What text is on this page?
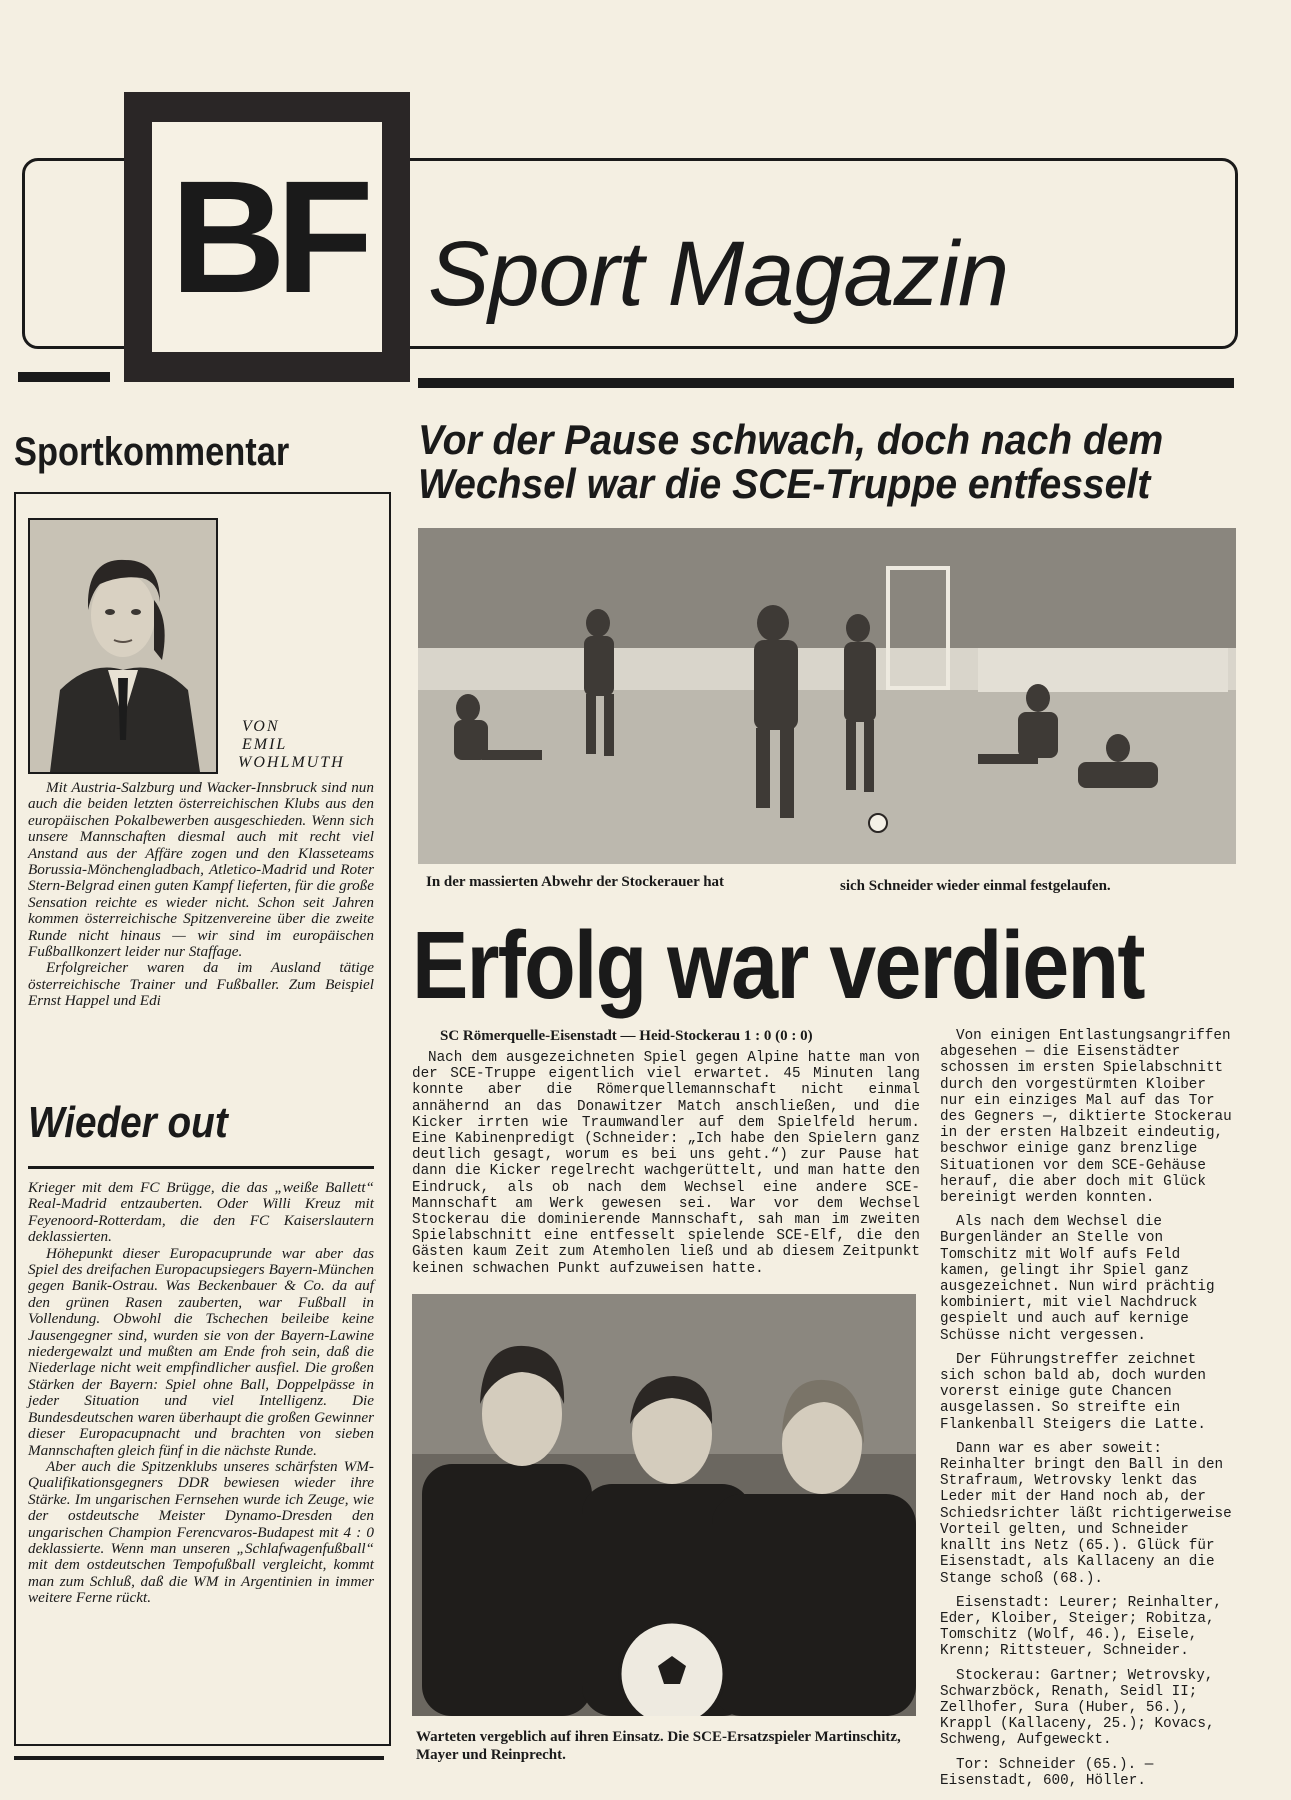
BF Sport Magazin
Sportkommentar
VON
EMIL
WOHLMUTH

Mit Austria-Salzburg und Wacker-Innsbruck sind nun auch die beiden letzten österreichischen Klubs aus den europäischen Pokalbewerben ausgeschieden. Wenn sich unsere Mannschaften diesmal auch mit recht viel Anstand aus der Affäre zogen und den Klasseteams Borussia-Mönchengladbach, Atletico-Madrid und Roter Stern-Belgrad einen guten Kampf lieferten, für die große Sensation reichte es wieder nicht. Schon seit Jahren kommen österreichische Spitzenvereine über die zweite Runde nicht hinaus — wir sind im europäischen Fußballkonzert leider nur Staffage.

Erfolgreicher waren da im Ausland tätige österreichische Trainer und Fußballer. Zum Beispiel Ernst Happel und Edi

Wieder out

Krieger mit dem FC Brügge, die das „weiße Ballett“ Real-Madrid entzauberten. Oder Willi Kreuz mit Feyenoord-Rotterdam, die den FC Kaiserslautern deklassierten.

Höhepunkt dieser Europacuprunde war aber das Spiel des dreifachen Europacupsiegers Bayern-München gegen Banik-Ostrau. Was Beckenbauer & Co. da auf den grünen Rasen zauberten, war Fußball in Vollendung. Obwohl die Tschechen beileibe keine Jausengegner sind, wurden sie von der Bayern-Lawine niedergewalzt und mußten am Ende froh sein, daß die Niederlage nicht weit empfindlicher ausfiel. Die großen Stärken der Bayern: Spiel ohne Ball, Doppelpässe in jeder Situation und viel Intelligenz. Die Bundesdeutschen waren überhaupt die großen Gewinner dieser Europacupnacht und brachten von sieben Mannschaften gleich fünf in die nächste Runde.

Aber auch die Spitzenklubs unseres schärfsten WM-Qualifikationsgegners DDR bewiesen wieder ihre Stärke. Im ungarischen Fernsehen wurde ich Zeuge, wie der ostdeutsche Meister Dynamo-Dresden den ungarischen Champion Ferencvaros-Budapest mit 4 : 0 deklassierte. Wenn man unseren „Schlafwagenfußball“ mit dem ostdeutschen Tempofußball vergleicht, kommt man zum Schluß, daß die WM in Argentinien in immer weitere Ferne rückt.

Vor der Pause schwach, doch nach dem
Wechsel war die SCE-Truppe entfesselt
In der massierten Abwehr der Stockerauer hat	sich Schneider wieder einmal festgelaufen.
Erfolg war verdient
SC Römerquelle-Eisenstadt — Heid-Stockerau 1 : 0 (0 : 0)

Nach dem ausgezeichneten Spiel gegen Alpine hatte man von der SCE-Truppe eigentlich viel erwartet. 45 Minuten lang konnte aber die Römerquellemannschaft nicht einmal annähernd an das Donawitzer Match anschließen, und die Kicker irrten wie Traumwandler auf dem Spielfeld herum. Eine Kabinenpredigt (Schneider: „Ich habe den Spielern ganz deutlich gesagt, worum es bei uns geht.“) zur Pause hat dann die Kicker regelrecht wachgerüttelt, und man hatte den Eindruck, als ob nach dem Wechsel eine andere SCE-Mannschaft am Werk gewesen sei. War vor dem Wechsel Stockerau die dominierende Mannschaft, sah man im zweiten Spielabschnitt eine entfesselt spielende SCE-Elf, die den Gästen kaum Zeit zum Atemholen ließ und ab diesem Zeitpunkt keinen schwachen Punkt aufzuweisen hatte.

Warteten vergeblich auf ihren Einsatz. Die SCE-Ersatzspieler Martinschitz, Mayer und Reinprecht.

Von einigen Entlastungsangriffen abgesehen — die Eisenstädter schossen im ersten Spielabschnitt durch den vorgestürmten Kloiber nur ein einziges Mal auf das Tor des Gegners —, diktierte Stockerau in der ersten Halbzeit eindeutig, beschwor einige ganz brenzlige Situationen vor dem SCE-Gehäuse herauf, die aber doch mit Glück bereinigt werden konnten.

Als nach dem Wechsel die Burgenländer an Stelle von Tomschitz mit Wolf aufs Feld kamen, gelingt ihr Spiel ganz ausgezeichnet. Nun wird prächtig kombiniert, mit viel Nachdruck gespielt und auch auf kernige Schüsse nicht vergessen.

Der Führungstreffer zeichnet sich schon bald ab, doch wurden vorerst einige gute Chancen ausgelassen. So streifte ein Flankenball Steigers die Latte.

Dann war es aber soweit: Reinhalter bringt den Ball in den Strafraum, Wetrovsky lenkt das Leder mit der Hand noch ab, der Schiedsrichter läßt richtigerweise Vorteil gelten, und Schneider knallt ins Netz (65.). Glück für Eisenstadt, als Kallaceny an die Stange schoß (68.).

Eisenstadt: Leurer; Reinhalter, Eder, Kloiber, Steiger; Robitza, Tomschitz (Wolf, 46.), Eisele, Krenn; Rittsteuer, Schneider.

Stockerau: Gartner; Wetrovsky, Schwarzböck, Renath, Seidl II; Zellhofer, Sura (Huber, 56.), Krappl (Kallaceny, 25.); Kovacs, Schweng, Aufgeweckt.

Tor: Schneider (65.). — Eisenstadt, 600, Höller.
